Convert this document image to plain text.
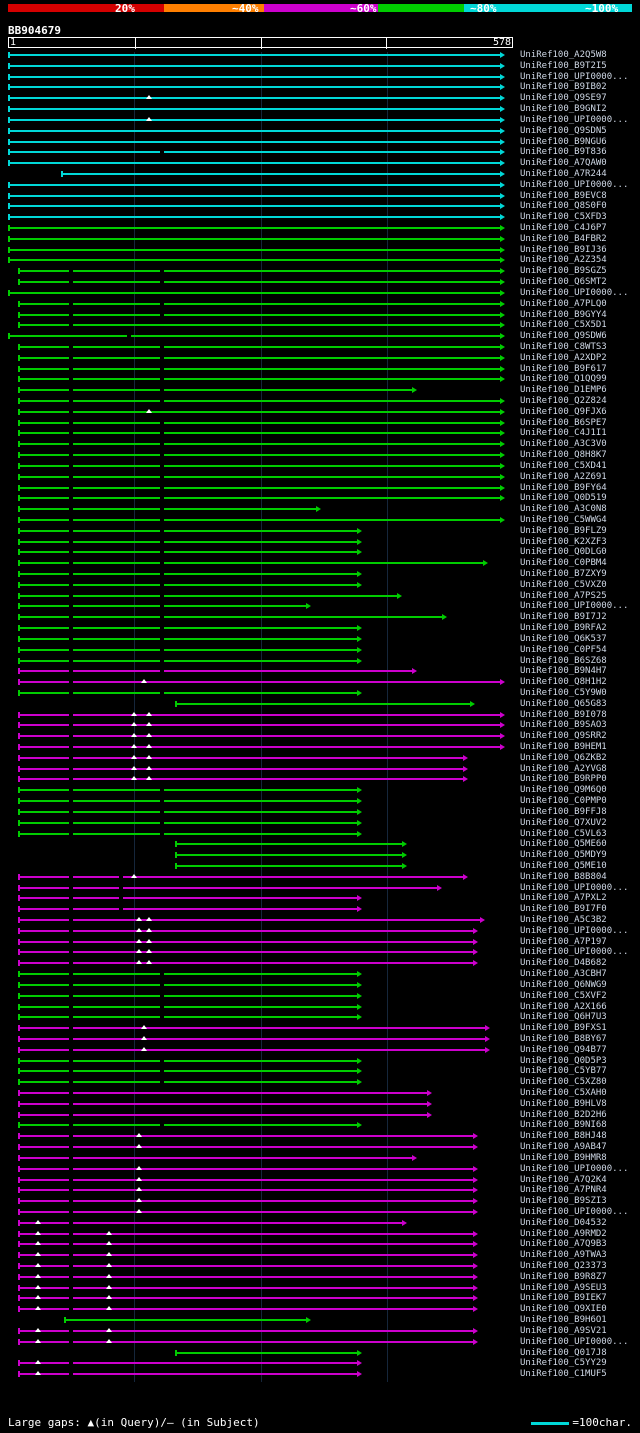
20%	~40%	~60%	~80%	~100%
BB904679
1	578
UniRef100_A2Q5W8
UniRef100_B9T2I5
UniRef100_UPI0000...
UniRef100_B9IB02
UniRef100_Q9SE97
UniRef100_B9GNI2
UniRef100_UPI0000...
UniRef100_Q9SDN5
UniRef100_B9NGU6
UniRef100_B9T836
UniRef100_A7QAW0
UniRef100_A7R244
UniRef100_UPI0000...
UniRef100_B9EVC8
UniRef100_Q8S0F0
UniRef100_C5XFD3
UniRef100_C4J6P7
UniRef100_B4FBR2
UniRef100_B9IJ36
UniRef100_A2Z354
UniRef100_B9SGZ5
UniRef100_Q6SMT2
UniRef100_UPI0000...
UniRef100_A7PLQ0
UniRef100_B9GYY4
UniRef100_C5X5D1
UniRef100_Q9SDW6
UniRef100_C8WTS3
UniRef100_A2XDP2
UniRef100_B9F617
UniRef100_Q1QQ99
UniRef100_D1EMP6
UniRef100_Q2Z824
UniRef100_Q9FJX6
UniRef100_B6SPE7
UniRef100_C4J1I1
UniRef100_A3C3V0
UniRef100_Q8H8K7
UniRef100_C5XD41
UniRef100_A2Z691
UniRef100_B9FY64
UniRef100_Q0D519
UniRef100_A3C0N8
UniRef100_C5WWG4
UniRef100_B9FLZ9
UniRef100_K2XZF3
UniRef100_Q0DLG0
UniRef100_C0PBM4
UniRef100_B7ZXY9
UniRef100_C5VXZ0
UniRef100_A7PS25
UniRef100_UPI0000...
UniRef100_B9I7J2
UniRef100_B9RFA2
UniRef100_Q6K537
UniRef100_C0PF54
UniRef100_B6SZ68
UniRef100_B9N4H7
UniRef100_Q8H1H2
UniRef100_C5Y9W0
UniRef100_Q65G83
UniRef100_B9I078
UniRef100_B9SAO3
UniRef100_Q9SRR2
UniRef100_B9HEM1
UniRef100_Q6ZKB2
UniRef100_A2YVG8
UniRef100_B9RPP0
UniRef100_Q9M6Q0
UniRef100_C0PMP0
UniRef100_B9FFJ8
UniRef100_Q7XUV2
UniRef100_C5VL63
UniRef100_Q5ME60
UniRef100_Q5MDY9
UniRef100_Q5ME10
UniRef100_B8B804
UniRef100_UPI0000...
UniRef100_A7PXL2
UniRef100_B9I7F0
UniRef100_A5C3B2
UniRef100_UPI0000...
UniRef100_A7P197
UniRef100_UPI0000...
UniRef100_D4B682
UniRef100_A3CBH7
UniRef100_Q6NWG9
UniRef100_C5XVF2
UniRef100_A2X166
UniRef100_Q6H7U3
UniRef100_B9FXS1
UniRef100_B8BY67
UniRef100_Q94B77
UniRef100_Q0D5P3
UniRef100_C5YB77
UniRef100_C5XZ80
UniRef100_C5XAH0
UniRef100_B9HLV8
UniRef100_B2D2H6
UniRef100_B9NI68
UniRef100_B8HJ48
UniRef100_A9AB47
UniRef100_B9HMR8
UniRef100_UPI0000...
UniRef100_A7Q2K4
UniRef100_A7PNR4
UniRef100_B9SZI3
UniRef100_UPI0000...
UniRef100_D04532
UniRef100_A9RMD2
UniRef100_A7Q9B3
UniRef100_A9TWA3
UniRef100_Q23373
UniRef100_B9R8Z7
UniRef100_A9SEU3
UniRef100_B9IEK7
UniRef100_Q9XIE0
UniRef100_B9H6O1
UniRef100_A9SV21
UniRef100_UPI0000...
UniRef100_Q017J8
UniRef100_C5YY29
UniRef100_C1MUF5
Large gaps: ▲(in Query)/– (in Subject)	=100char.
